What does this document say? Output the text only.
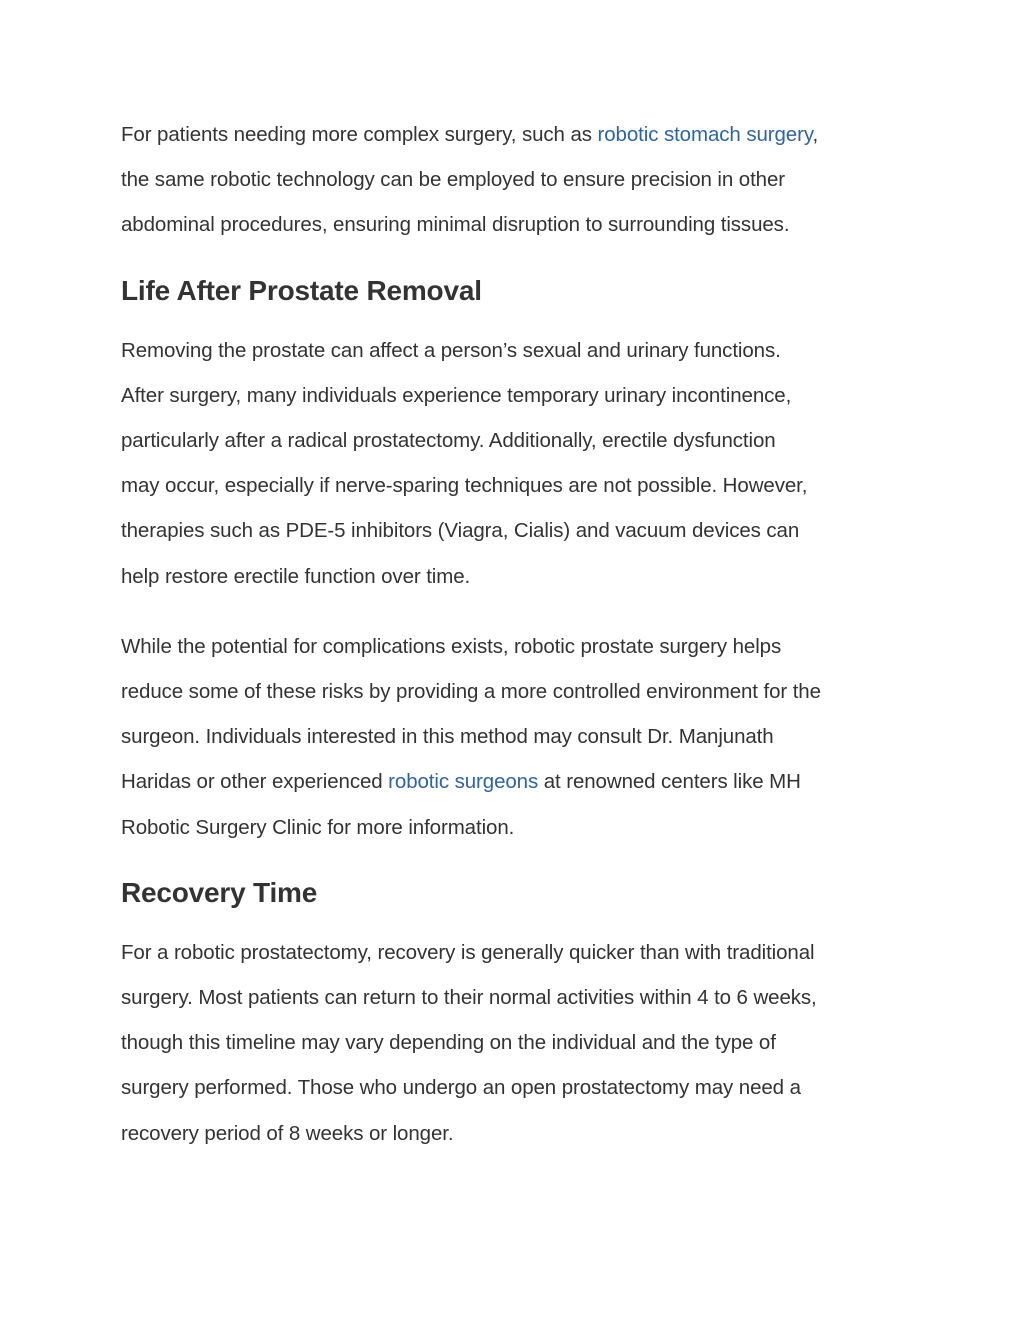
For patients needing more complex surgery, such as robotic stomach surgery,
the same robotic technology can be employed to ensure precision in other
abdominal procedures, ensuring minimal disruption to surrounding tissues.

Life After Prostate Removal

Removing the prostate can affect a person’s sexual and urinary functions.
After surgery, many individuals experience temporary urinary incontinence,
particularly after a radical prostatectomy. Additionally, erectile dysfunction
may occur, especially if nerve-sparing techniques are not possible. However,
therapies such as PDE-5 inhibitors (Viagra, Cialis) and vacuum devices can
help restore erectile function over time.

While the potential for complications exists, robotic prostate surgery helps
reduce some of these risks by providing a more controlled environment for the
surgeon. Individuals interested in this method may consult Dr. Manjunath
Haridas or other experienced robotic surgeons at renowned centers like MH
Robotic Surgery Clinic for more information.

Recovery Time

For a robotic prostatectomy, recovery is generally quicker than with traditional
surgery. Most patients can return to their normal activities within 4 to 6 weeks,
though this timeline may vary depending on the individual and the type of
surgery performed. Those who undergo an open prostatectomy may need a
recovery period of 8 weeks or longer.
